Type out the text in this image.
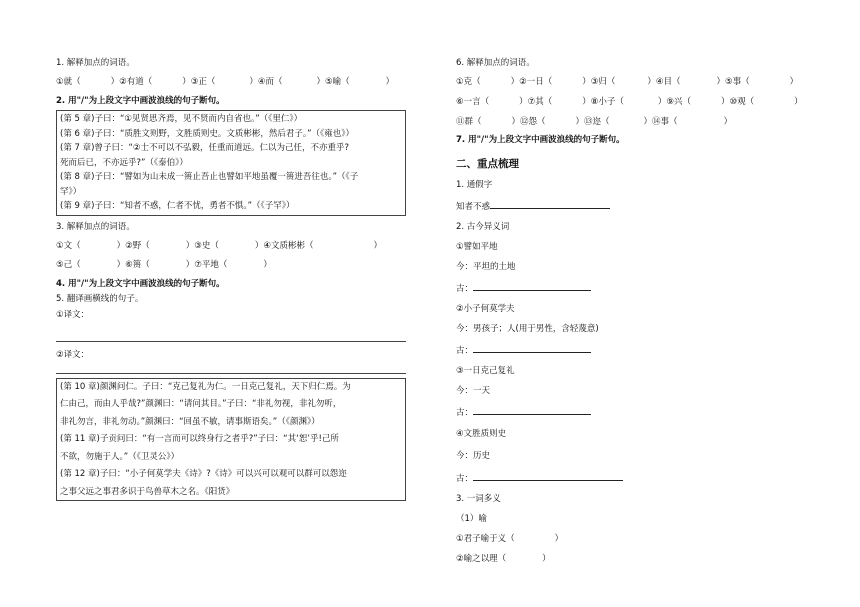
1. 解释加点的词语。
①就（	）②有道（	）③正（	）④而（	）⑤喻（	）
2. 用"/"为上段文字中画波浪线的句子断句。
(第 5 章)子曰：“①见贤思齐焉，见不贤而内自省也。”（《里仁》）
(第 6 章)子曰：“质胜文则野，文胜质则史。文质彬彬，然后君子。”（《雍也》）
(第 7 章)曾子曰：“②士不可以不弘毅，任重而道远。仁以为己任，不亦重乎?
死而后已，不亦远乎?”（《泰伯》）
(第 8 章)子曰：“譬如为山未成一篑止吾止也譬如平地虽覆一篑进吾往也。”（《子
罕》）
(第 9 章)子曰：“知者不惑，仁者不忧，勇者不惧。”（《子罕》）
3. 解释加点的词语。
①文（	）②野（	）③史（	）④文质彬彬（	）
⑤己（	）⑥篑（	）⑦平地（	）
4. 用"/"为上段文字中画波浪线的句子断句。
5. 翻译画横线的句子。
①译文：
②译文：
(第 10 章)颜渊问仁。子曰：“克己复礼为仁。一日克己复礼，天下归仁焉。为
仁由己，而由人乎哉?”颜渊曰：“请问其目。”子曰：“非礼勿视，非礼勿听，
非礼勿言，非礼勿动。”颜渊曰：“回虽不敏，请事斯语矣。”（《颜渊》）
(第 11 章)子贡问曰：“有一言而可以终身行之者乎?”子曰：“其‘恕’乎!己所
不欲，勿施于人。”（《卫灵公》）
(第 12 章)子曰：“小子何莫学夫《诗》?《诗》可以兴可以观可以群可以怨迩
之事父远之事君多识于鸟兽草木之名。《阳货》
6. 解释加点的词语。
①克（	）②一日（	）③归（	）④目（	）⑤事（	）
⑥一言（	）⑦其（	）⑧小子（	）⑨兴（	）⑩观（	）
⑪群（	）⑫怨（	）⑬迩（	）⑭事（	）
7. 用"/"为上段文字中画波浪线的句子断句。
二、重点梳理
1. 通假字
知者不惑
2. 古今异义词
①譬如平地
今：平坦的土地
古：
②小子何莫学夫
今：男孩子；人(用于男性，含轻蔑意)
古：
③一日克己复礼
今：一天
古：
④文胜质则史
今：历史
古：
3. 一词多义
（1）喻
①君子喻于义（	）
②喻之以理（	）
